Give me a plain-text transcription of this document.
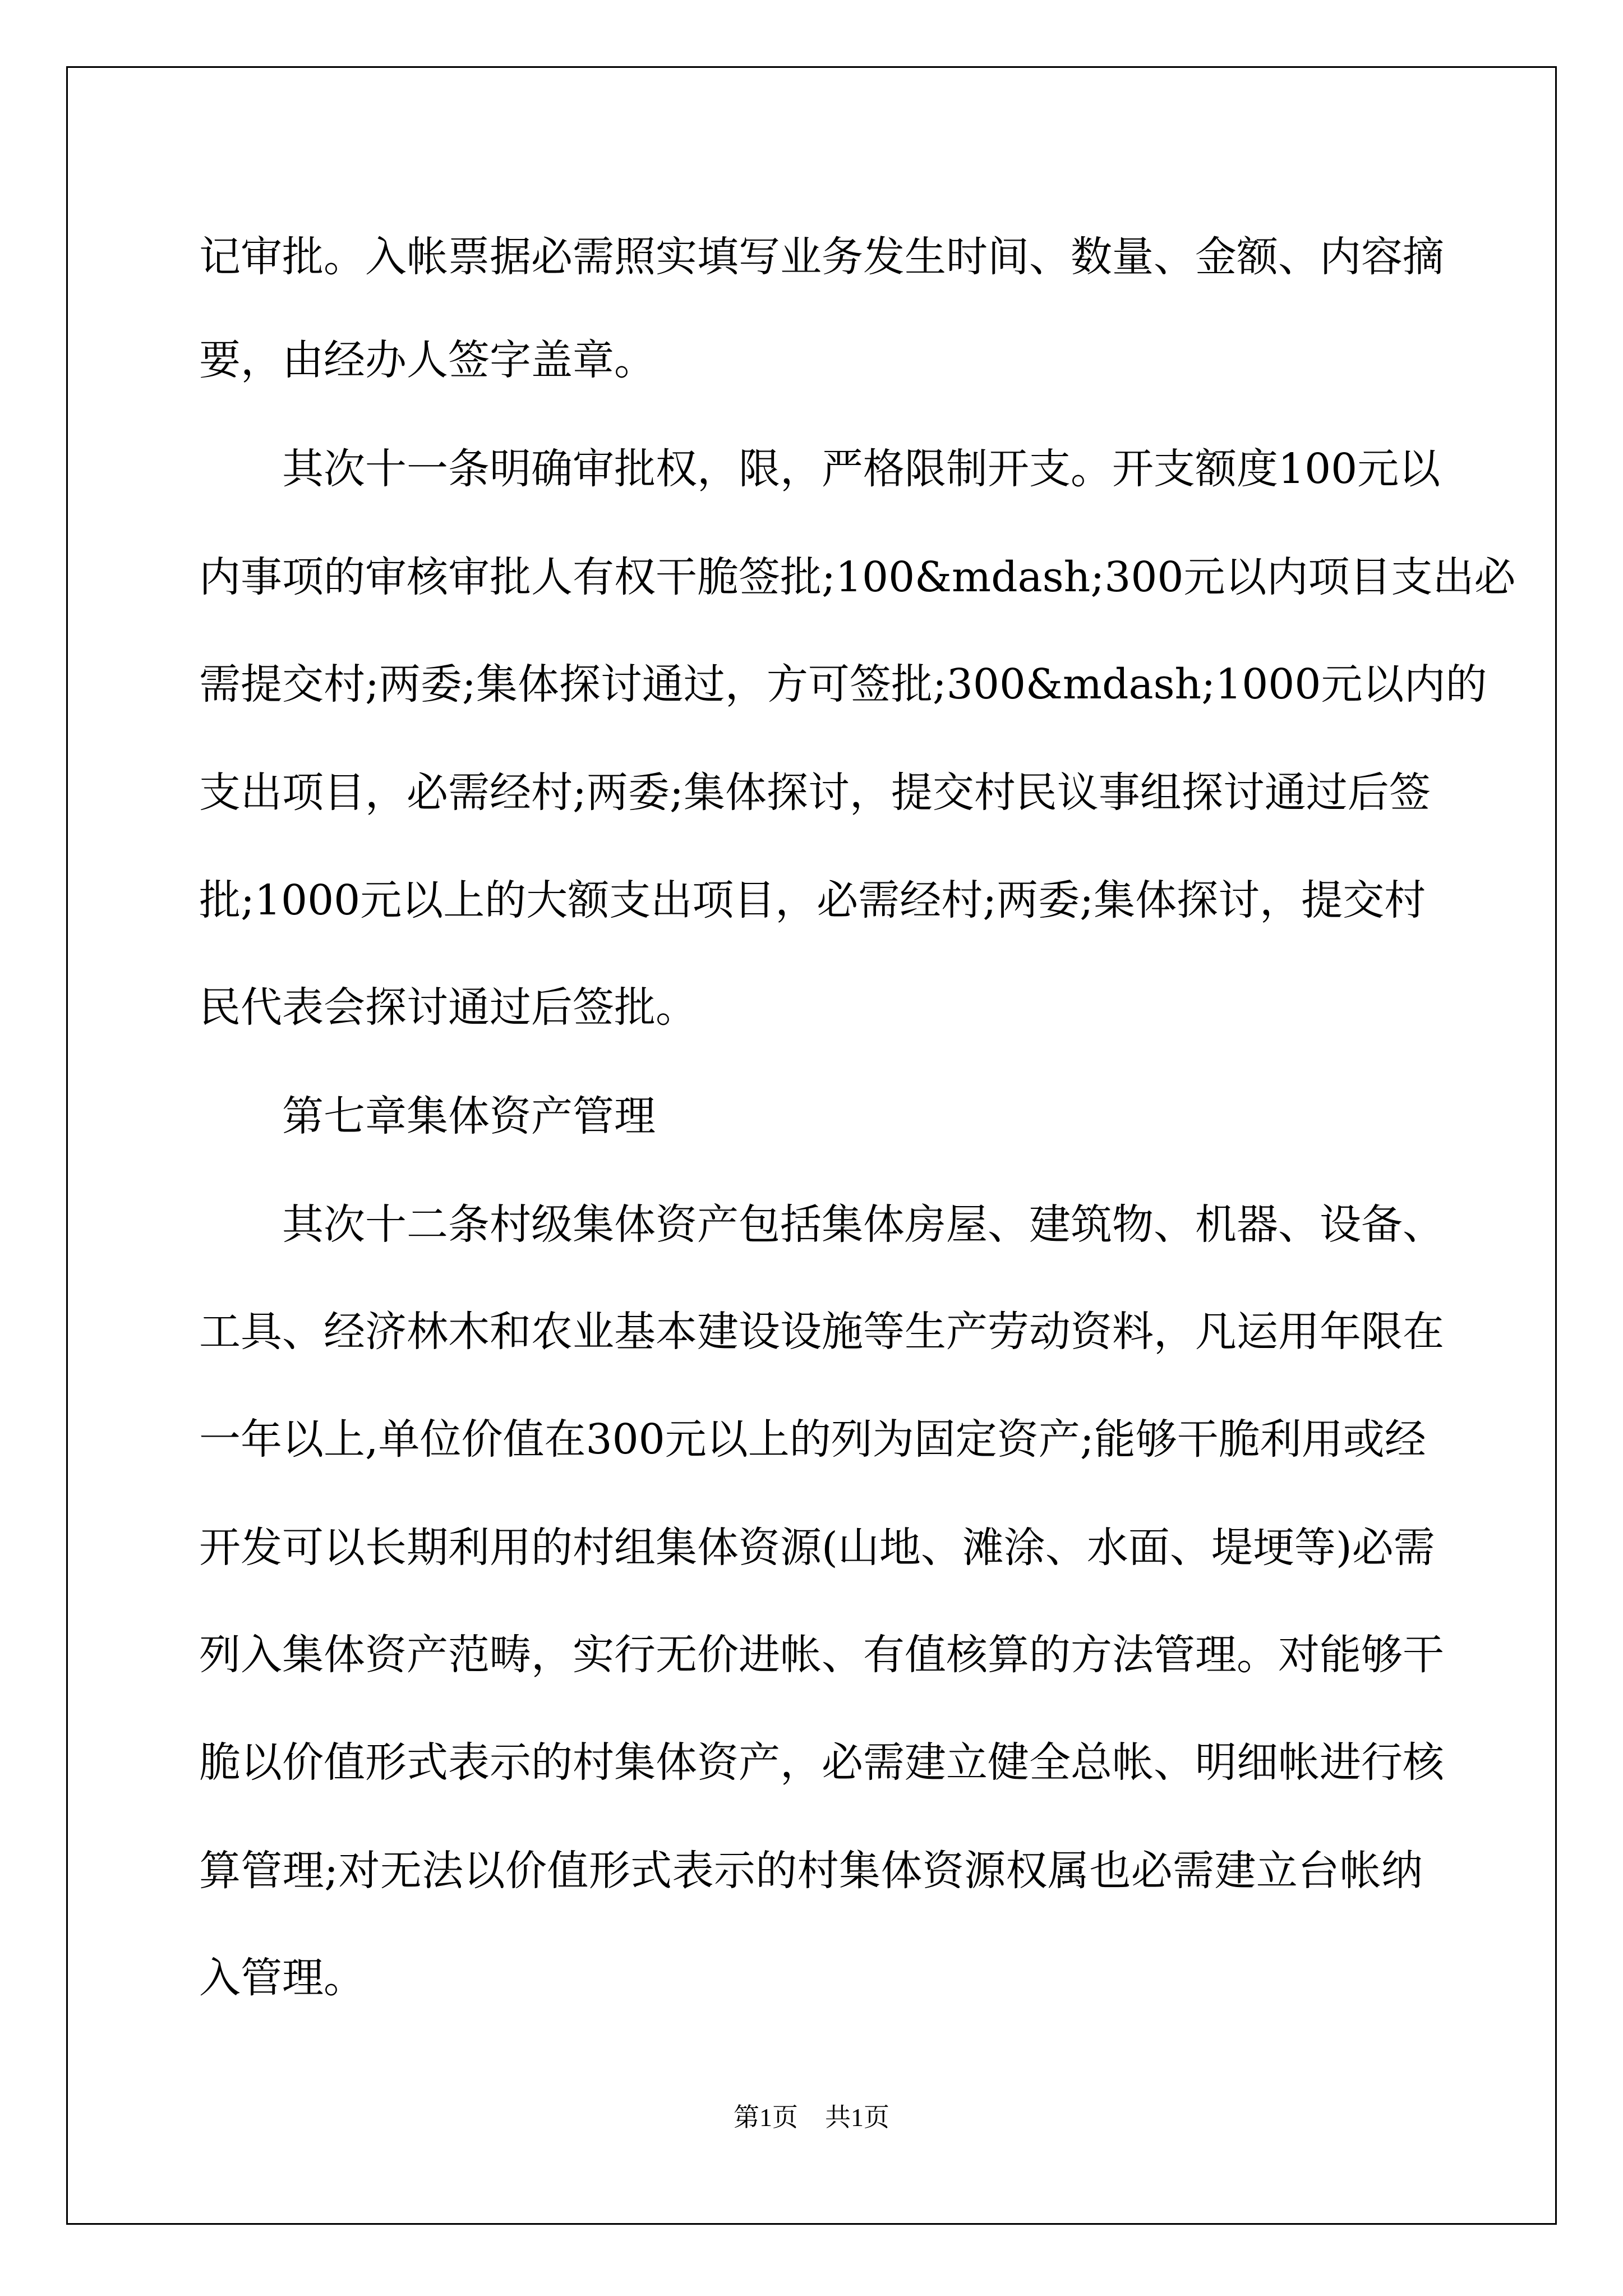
记审批。入帐票据必需照实填写业务发生时间、数量、金额、内容摘

要，由经办人签字盖章。

其次十一条明确审批权，限，严格限制开支。开支额度100元以

内事项的审核审批人有权干脆签批;100&mdash;300元以内项目支出必

需提交村;两委;集体探讨通过，方可签批;300&mdash;1000元以内的

支出项目，必需经村;两委;集体探讨，提交村民议事组探讨通过后签

批;1000元以上的大额支出项目，必需经村;两委;集体探讨，提交村

民代表会探讨通过后签批。

第七章集体资产管理

其次十二条村级集体资产包括集体房屋、建筑物、机器、设备、

工具、经济林木和农业基本建设设施等生产劳动资料，凡运用年限在

一年以上,单位价值在300元以上的列为固定资产;能够干脆利用或经

开发可以长期利用的村组集体资源(山地、滩涂、水面、堤埂等)必需

列入集体资产范畴，实行无价进帐、有值核算的方法管理。对能够干

脆以价值形式表示的村集体资产，必需建立健全总帐、明细帐进行核

算管理;对无法以价值形式表示的村集体资源权属也必需建立台帐纳

入管理。

第1页 共1页
